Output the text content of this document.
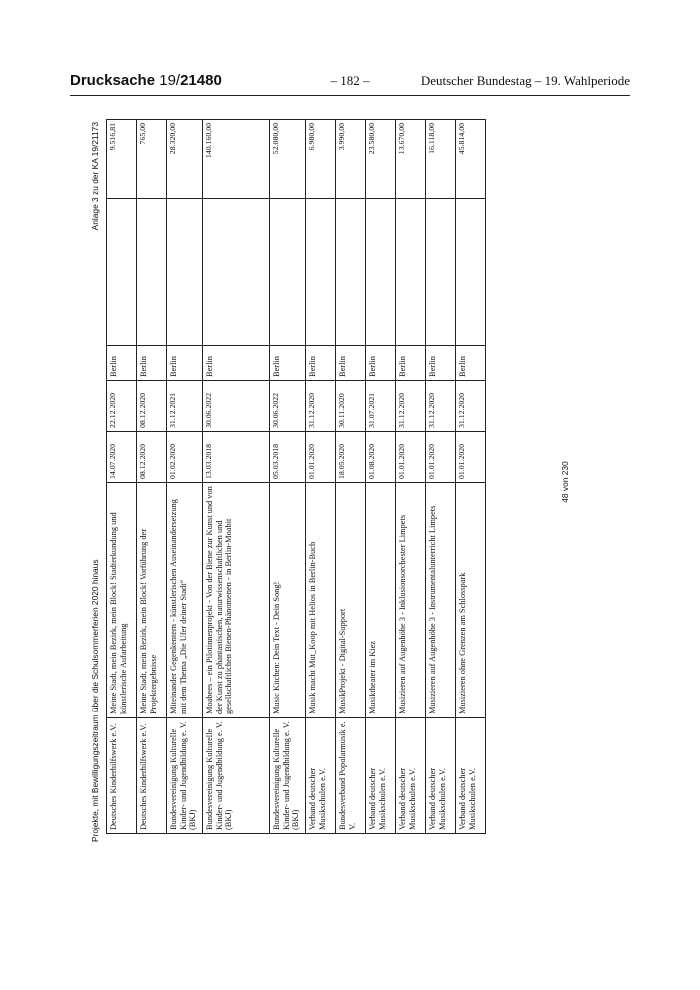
Drucksache 19/21480	– 182 –	Deutscher Bundestag – 19. Wahlperiode
Projekte, mit Bewilligungszeitraum über die Schulsommerferien 2020 hinaus
Anlage 3 zu der KA 19/21173
Deutsches Kinderhilfswerk e.V.	Meine Stadt, mein Bezirk, mein Block! Stadterkundung und künstlerische Aufarbeitung	14.07.2020	22.12.2020	Berlin		9.516,81
Deutsches Kinderhilfswerk e.V.	Meine Stadt, mein Bezirk, mein Block! Vorführung der Projektergebnisse	08.12.2020	08.12.2020	Berlin		765,00
Bundesvereinigung Kulturelle Kinder- und Jugendbildung e. V. (BKJ)	Miteinander Gegenkentern - künstlerischen Auseinandersetzung mit dem Thema „Die Ufer deiner Stadt“	01.02.2020	31.12.2021	Berlin		28.320,00
Bundesvereinigung Kulturelle Kinder- und Jugendbildung e. V. (BKJ)	Moabees – ein Pilotinnenprojekt - Von der Biene zur Kunst und von der Kunst zu phantastischen, naturwissenschaftlichen und gesellschaftlichen Bienen-Phänomenen - in Berlin-Moabit	13.03.2018	30.06.2022	Berlin		140.160,00
Bundesvereinigung Kulturelle Kinder- und Jugendbildung e. V. (BKJ)	Music Kitchen: Dein Text - Dein Song!	05.03.2018	30.06.2022	Berlin		52.080,00
Verband deutscher Musikschulen e.V.	Musik macht Mut_Koop mit Helios in Berlin-Buch	01.01.2020	31.12.2020	Berlin		6.980,00
Bundesverband Popularmusik e. V.	MusikProjekt - Digital-Support	18.05.2020	30.11.2020	Berlin		3.990,00
Verband deutscher Musikschulen e.V.	Musiktheater im Kiez	01.08.2020	31.07.2021	Berlin		23.580,00
Verband deutscher Musikschulen e.V.	Musizieren auf Augenhöhe 3 - Inklusionsorchester Limpets	01.01.2020	31.12.2020	Berlin		13.670,00
Verband deutscher Musikschulen e.V.	Musizieren auf Augenhöhe 3 - Instrumentalunterricht Limpets	01.01.2020	31.12.2020	Berlin		16.118,00
Verband deutscher Musikschulen e.V.	Musizieren ohne Grenzen am Schlosspark	01.01.2020	31.12.2020	Berlin		45.814,00
48 von 230
